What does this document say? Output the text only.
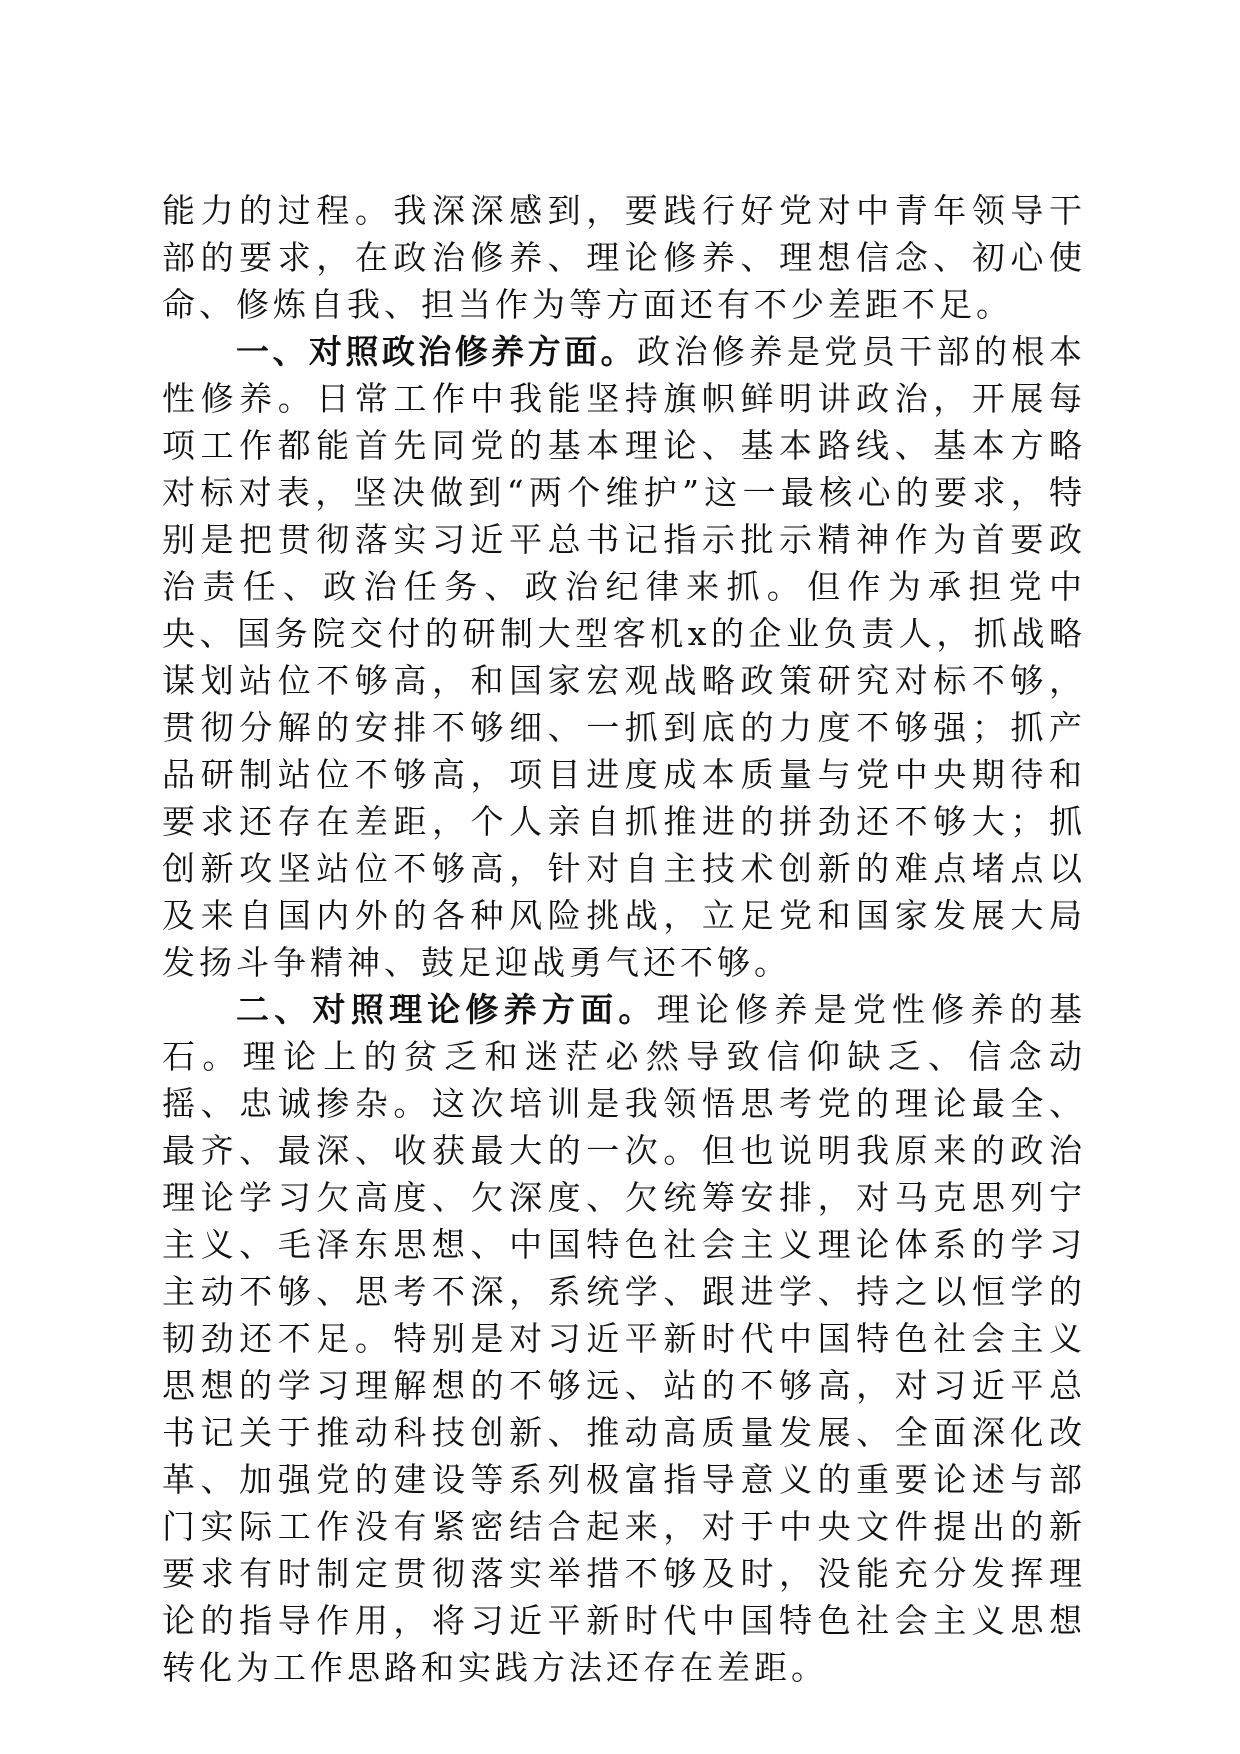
能力的过程。我深深感到，要践行好党对中青年领导干部的要求，在政治修养、理论修养、理想信念、初心使命、修炼自我、担当作为等方面还有不少差距不足。

一、对照政治修养方面。政治修养是党员干部的根本性修养。日常工作中我能坚持旗帜鲜明讲政治，开展每项工作都能首先同党的基本理论、基本路线、基本方略对标对表，坚决做到“两个维护”这一最核心的要求，特别是把贯彻落实习近平总书记指示批示精神作为首要政治责任、政治任务、政治纪律来抓。但作为承担党中央、国务院交付的研制大型客机x的企业负责人，抓战略谋划站位不够高，和国家宏观战略政策研究对标不够，贯彻分解的安排不够细、一抓到底的力度不够强；抓产品研制站位不够高，项目进度成本质量与党中央期待和要求还存在差距，个人亲自抓推进的拼劲还不够大；抓创新攻坚站位不够高，针对自主技术创新的难点堵点以及来自国内外的各种风险挑战，立足党和国家发展大局发扬斗争精神、鼓足迎战勇气还不够。

二、对照理论修养方面。理论修养是党性修养的基石。理论上的贫乏和迷茫必然导致信仰缺乏、信念动摇、忠诚掺杂。这次培训是我领悟思考党的理论最全、最齐、最深、收获最大的一次。但也说明我原来的政治理论学习欠高度、欠深度、欠统筹安排，对马克思列宁主义、毛泽东思想、中国特色社会主义理论体系的学习主动不够、思考不深，系统学、跟进学、持之以恒学的韧劲还不足。特别是对习近平新时代中国特色社会主义思想的学习理解想的不够远、站的不够高，对习近平总书记关于推动科技创新、推动高质量发展、全面深化改革、加强党的建设等系列极富指导意义的重要论述与部门实际工作没有紧密结合起来，对于中央文件提出的新要求有时制定贯彻落实举措不够及时，没能充分发挥理论的指导作用，将习近平新时代中国特色社会主义思想转化为工作思路和实践方法还存在差距。
